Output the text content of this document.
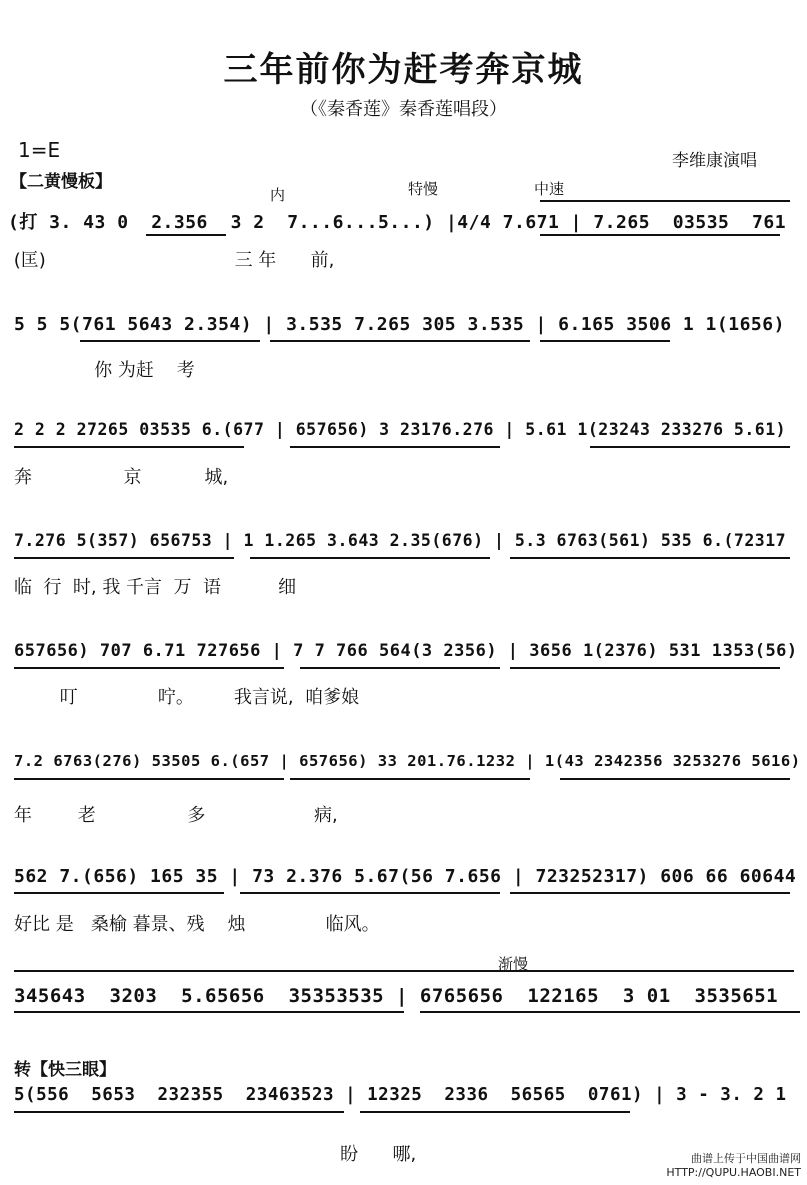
三年前你为赶考奔京城
（《秦香莲》秦香莲唱段）
1=E	李维康演唱
【二黄慢板】
内	特慢	中速
(打 3. 43 0  2.356  3 2  7...6...5...) |4/4 7.671 | 7.265  03535  761
(匡)                                 三 年      前,
5 5 5(761 5643 2.354) | 3.535 7.265 305 3.535 | 6.165 3506 1 1(1656)
你 为赶    考
2 2 2 27265 03535 6.(677 | 657656) 3 23176.276 | 5.61 1(23243 233276 5.61)
奔                京           城,
7.276 5(357) 656753 | 1 1.265 3.643 2.35(676) | 5.3 6763(561) 535 6.(72317
临  行  时, 我 千言  万  语          细
657656) 707 6.71 727656 | 7 7 766 564(3 2356) | 3656 1(2376) 531 1353(56)
叮              咛。       我言说,  咱爹娘
7.2 6763(276) 53505 6.(657 | 657656) 33 201.76.1232 | 1(43 2342356 3253276 5616)
年        老                多                   病,
562 7.(656) 165 35 | 73 2.376 5.67(56 7.656 | 723252317) 606 66 60644
好比 是   桑榆 暮景、残    烛              临风。
渐慢
345643  3203  5.65656  35353535 | 6765656  122165  3 01  3535651
转【快三眼】
5(556  5653  232355  23463523 | 12325  2336  56565  0761) | 3 - 3. 2 1
盼      哪,	曲谱上传于中国曲谱网
HTTP://QUPU.HAOBI.NET
